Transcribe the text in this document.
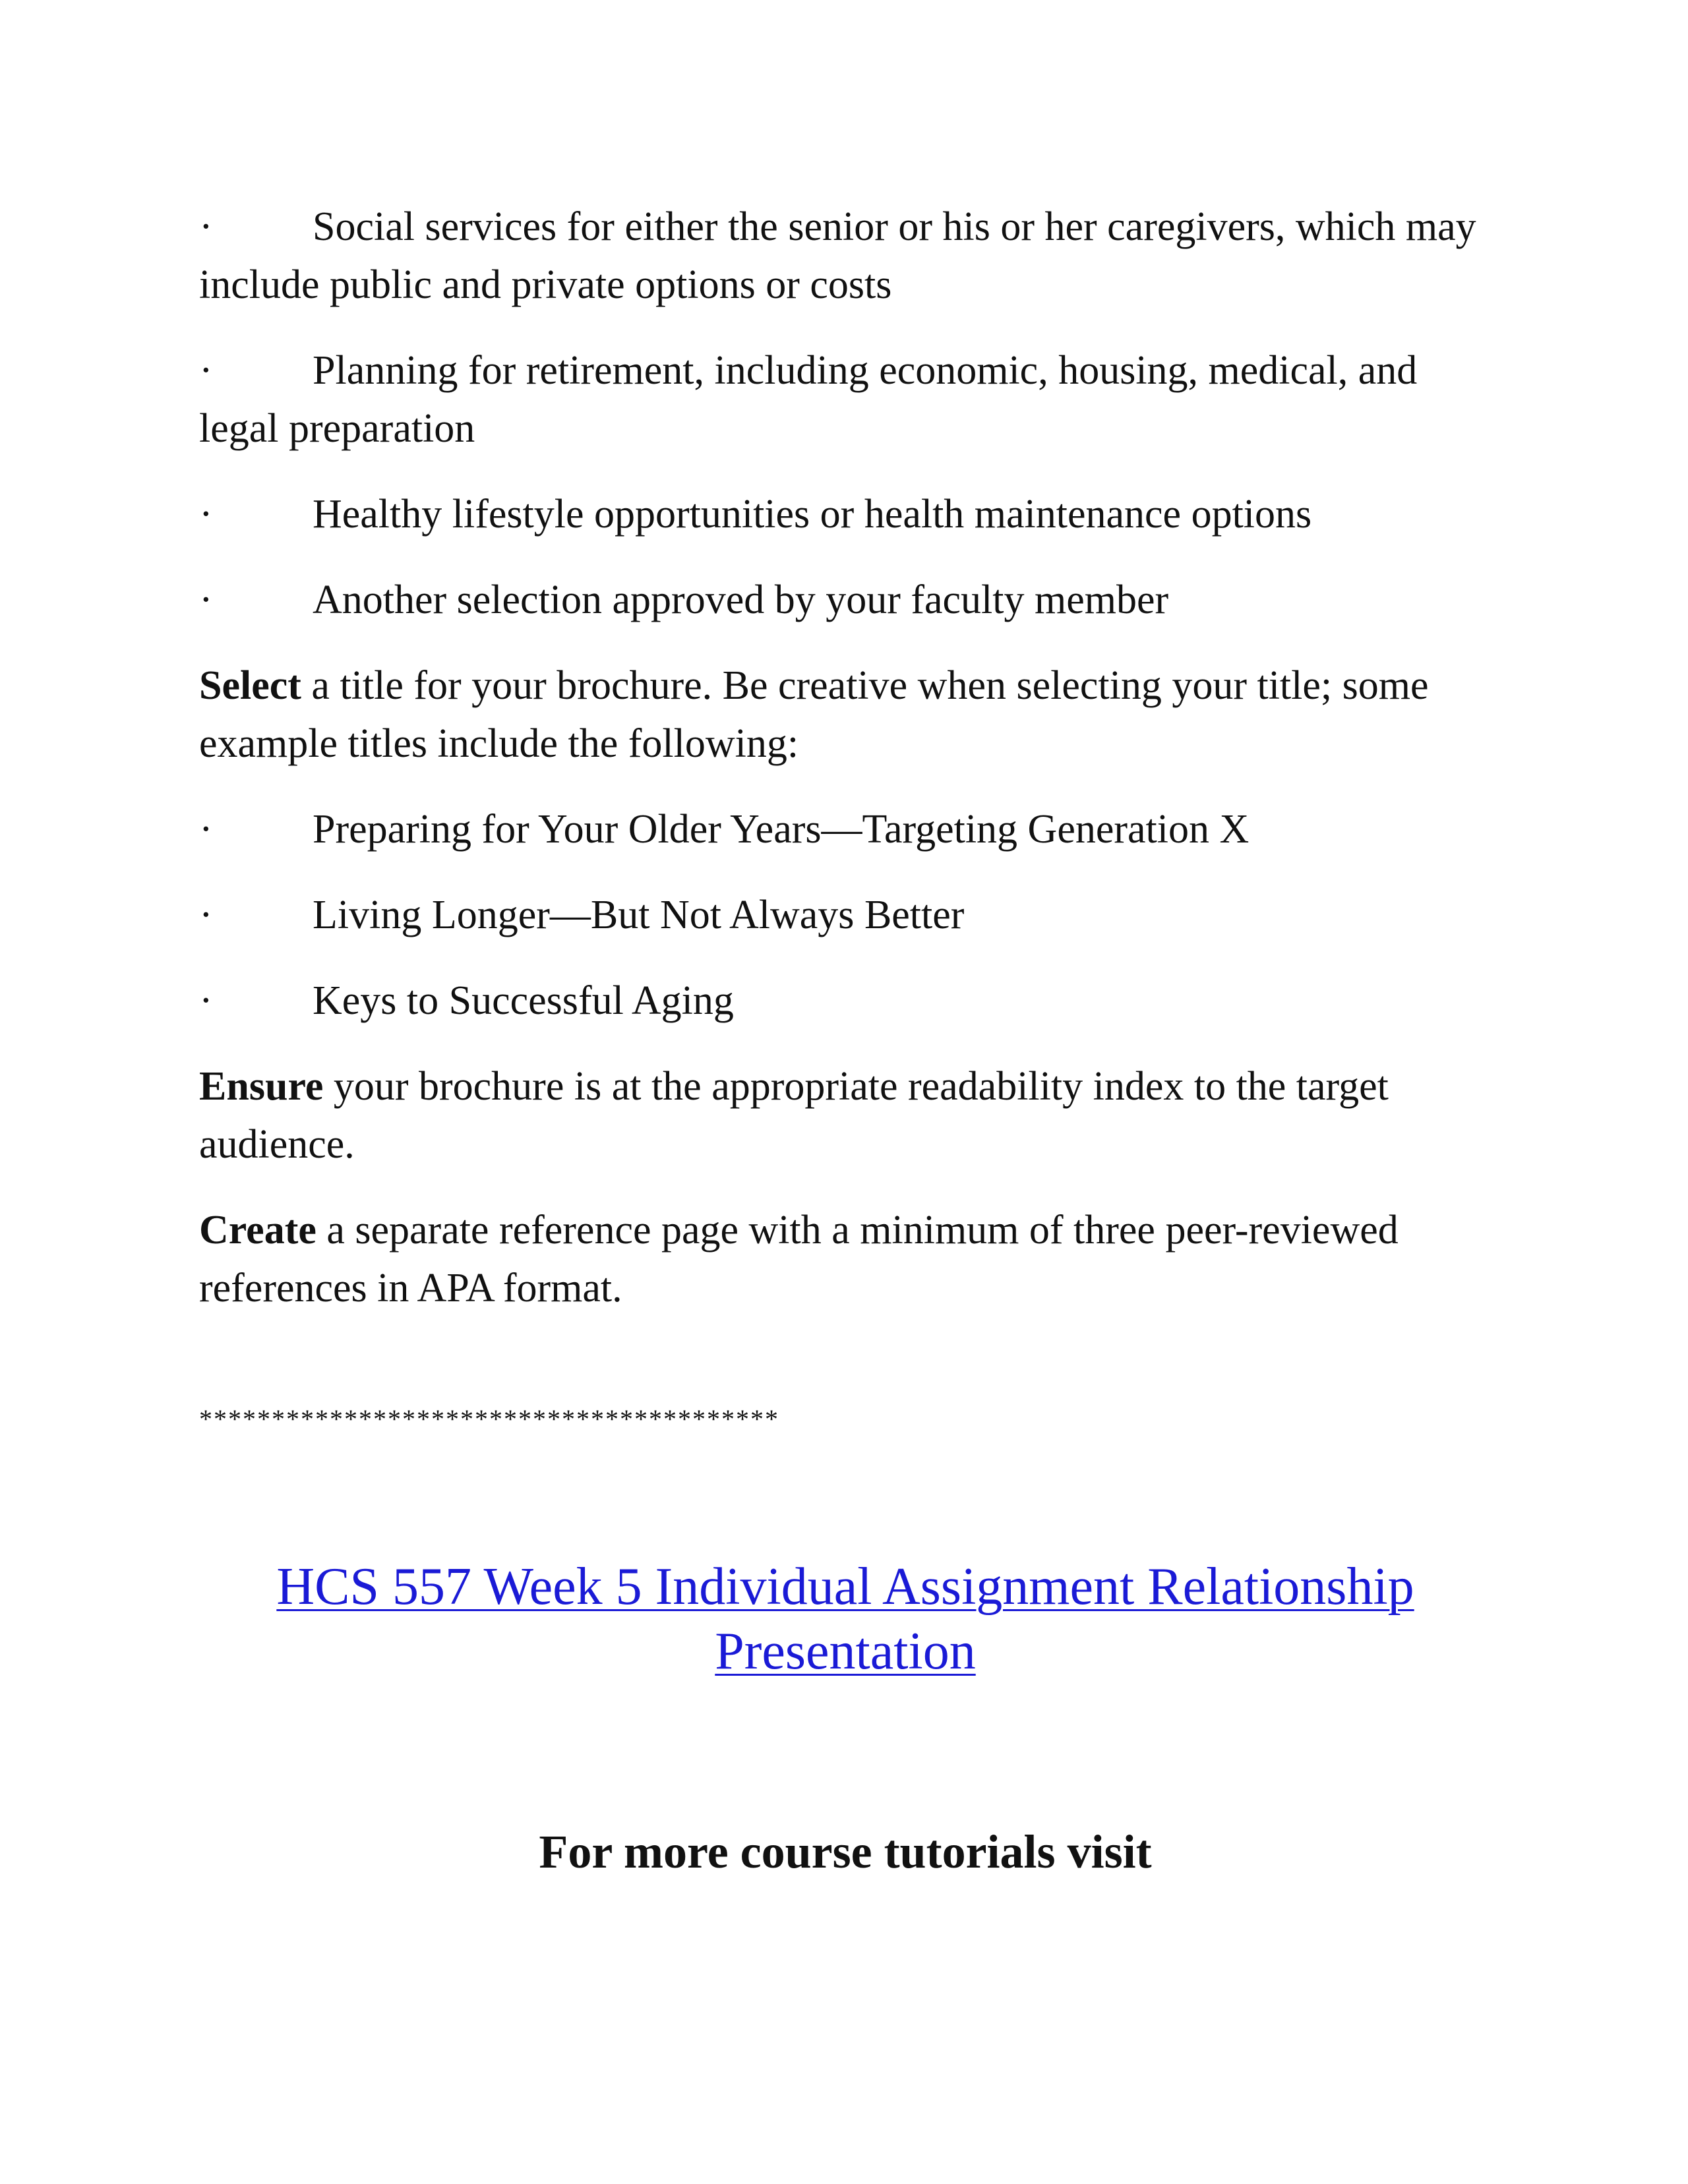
· Social services for either the senior or his or her caregivers, which may include public and private options or costs
· Planning for retirement, including economic, housing, medical, and legal preparation
· Healthy lifestyle opportunities or health maintenance options
· Another selection approved by your faculty member

Select a title for your brochure. Be creative when selecting your title; some example titles include the following:

· Preparing for Your Older Years—Targeting Generation X
· Living Longer—But Not Always Better
· Keys to Successful Aging

Ensure your brochure is at the appropriate readability index to the target audience.

Create a separate reference page with a minimum of three peer-reviewed references in APA format.

****************************************
HCS 557 Week 5 Individual Assignment Relationship Presentation
For more course tutorials visit
